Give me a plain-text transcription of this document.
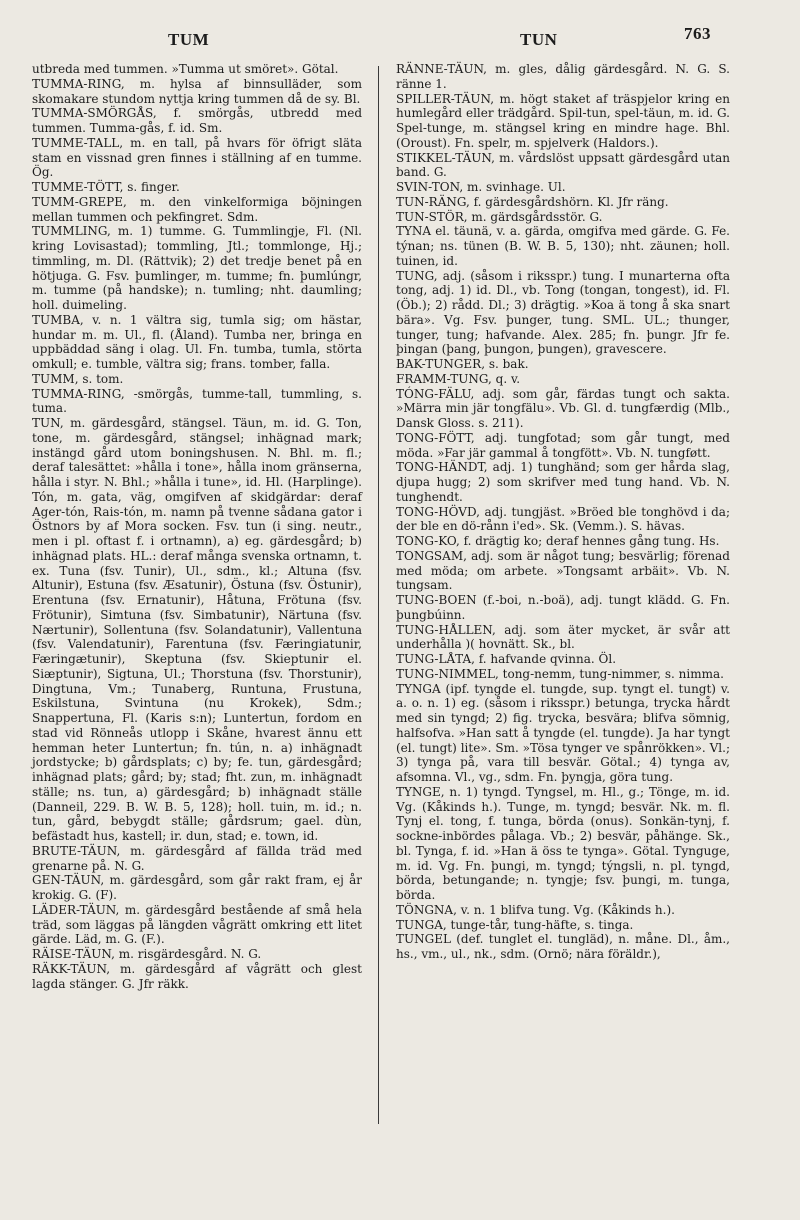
TUM	TUN	763

utbreda med tummen. »Tumma ut smöret». Götal.

TUMMA-RING, m. hylsa af binnsulläder, som skomakare stundom nyttja kring tummen då de sy. Bl.

TUMMA-SMÖRGÅS, f. smörgås, utbredd med tummen. Tumma-gås, f. id. Sm.

TUMME-TALL, m. en tall, på hvars för öfrigt släta stam en vissnad gren finnes i ställning af en tumme. Ög.

TUMME-TÖTT, s. finger.

TUMM-GREPE, m. den vinkelformiga böjningen mellan tummen och pekfingret. Sdm.

TUMMLING, m. 1) tumme. G. Tummlingje, Fl. (Nl. kring Lovisastad); tommling, Jtl.; tommlonge, Hj.; timmling, m. Dl. (Rättvik); 2) det tredje benet på en hötjuga. G. Fsv. þumlinger, m. tumme; fn. þumlúngr, m. tumme (på handske); n. tumling; nht. daumling; holl. duimeling.

TUMBA, v. n. 1 vältra sig, tumla sig; om hästar, hundar m. m. Ul., fl. (Åland). Tumba ner, bringa en uppbäddad säng i olag. Ul. Fn. tumba, tumla, störta omkull; e. tumble, vältra sig; frans. tomber, falla.

TUMM, s. tom.

TUMMA-RING, -smörgås, tumme-tall, tummling, s. tuma.

TUN, m. gärdesgård, stängsel. Täun, m. id. G. Ton, tone, m. gärdesgård, stängsel; inhägnad mark; instängd gård utom boningshusen. N. Bhl. m. fl.; deraf talesättet: »hålla i tone», hålla inom gränserna, hålla i styr. N. Bhl.; »hålla i tune», id. Hl. (Harplinge). Tón, m. gata, väg, omgifven af skidgärdar: deraf Ager-tón, Rais-tón, m. namn på tvenne sådana gator i Östnors by af Mora socken. Fsv. tun (i sing. neutr., men i pl. oftast f. i ortnamn), a) eg. gärdesgård; b) inhägnad plats. HL.: deraf många svenska ortnamn, t. ex. Tuna (fsv. Tunir), Ul., sdm., kl.; Altuna (fsv. Altunir), Estuna (fsv. Æsatunir), Östuna (fsv. Östunir), Erentuna (fsv. Ernatunir), Håtuna, Frötuna (fsv. Frötunir), Simtuna (fsv. Simbatunir), Närtuna (fsv. Nærtunir), Sollentuna (fsv. Solandatunir), Vallentuna (fsv. Valendatunir), Farentuna (fsv. Færingiatunir, Færingætunir), Skeptuna (fsv. Skieptunir el. Siæptunir), Sigtuna, Ul.; Thorstuna (fsv. Thorstunir), Dingtuna, Vm.; Tunaberg, Runtuna, Frustuna, Eskilstuna, Svintuna (nu Krokek), Sdm.; Snappertuna, Fl. (Karis s:n); Luntertun, fordom en stad vid Rönneås utlopp i Skåne, hvarest ännu ett hemman heter Luntertun; fn. tún, n. a) inhägnadt jordstycke; b) gårdsplats; c) by; fe. tun, gärdesgård; inhägnad plats; gård; by; stad; fht. zun, m. inhägnadt ställe; ns. tun, a) gärdesgård; b) inhägnadt ställe (Danneil, 229. B. W. B. 5, 128); holl. tuin, m. id.; n. tun, gård, bebygdt ställe; gårdsrum; gael. dùn, befästadt hus, kastell; ir. dun, stad; e. town, id.

BRUTE-TÄUN, m. gärdesgård af fällda träd med grenarne på. N. G.

GEN-TÄUN, m. gärdesgård, som går rakt fram, ej år krokig. G. (F).

LÄDER-TÄUN, m. gärdesgård bestående af små hela träd, som läggas på längden vågrätt omkring ett litet gärde. Läd, m. G. (F.).

RÄISE-TÄUN, m. risgärdesgård. N. G.

RÄKK-TÄUN, m. gärdesgård af vågrätt och glest lagda stänger. G. Jfr räkk.

RÄNNE-TÄUN, m. gles, dålig gärdesgård. N. G. S. ränne 1.

SPILLER-TÄUN, m. högt staket af träspjelor kring en humlegård eller trädgård. Spil-tun, spel-täun, m. id. G. Spel-tunge, m. stängsel kring en mindre hage. Bhl. (Oroust). Fn. spelr, m. spjelverk (Haldors.).

STIKKEL-TÄUN, m. vårdslöst uppsatt gärdesgård utan band. G.

SVIN-TON, m. svinhage. Ul.

TUN-RÄNG, f. gärdesgårdshörn. Kl. Jfr räng.

TUN-STÖR, m. gärdsgårdsstör. G.

TYNA el. täunä, v. a. gärda, omgifva med gärde. G. Fe. týnan; ns. tünen (B. W. B. 5, 130); nht. zäunen; holl. tuinen, id.

TUNG, adj. (såsom i riksspr.) tung. I munarterna ofta tong, adj. 1) id. Dl., vb. Tong (tongan, tongest), id. Fl. (Öb.); 2) rådd. Dl.; 3) drägtig. »Koa ä tong å ska snart bära». Vg. Fsv. þunger, tung. SML. UL.; thunger, tunger, tung; hafvande. Alex. 285; fn. þungr. Jfr fe. þingan (þang, þungon, þungen), gravescere.

BAK-TUNGER, s. bak.

FRAMM-TUNG, q. v.

TÓNG-FÄLU, adj. som går, färdas tungt och sakta. »Märra min jär tongfälu». Vb. Gl. d. tungfærdig (Mlb., Dansk Gloss. s. 211).

TONG-FÖTT, adj. tungfotad; som går tungt, med möda. »Far jär gammal å tongfött». Vb. N. tungføtt.

TONG-HÄNDT, adj. 1) tunghänd; som ger hårda slag, djupa hugg; 2) som skrifver med tung hand. Vb. N. tunghendt.

TONG-HÖVD, adj. tungjäst. »Bröed ble tonghövd i da; der ble en dö-rånn i'ed». Sk. (Vemm.). S. hävas.

TONG-KO, f. drägtig ko; deraf hennes gång tung. Hs.

TONGSAM, adj. som är något tung; besvärlig; förenad med möda; om arbete. »Tongsamt arbäit». Vb. N. tungsam.

TUNG-BOEN (f.-boi, n.-boä), adj. tungt klädd. G. Fn. þungbúinn.

TUNG-HÅLLEN, adj. som äter mycket, är svår att underhålla )( hovnätt. Sk., bl.

TUNG-LÅTA, f. hafvande qvinna. Öl.

TUNG-NIMMEL, tong-nemm, tung-nimmer, s. nimma.

TYNGA (ipf. tyngde el. tungde, sup. tyngt el. tungt) v. a. o. n. 1) eg. (såsom i riksspr.) betunga, trycka hårdt med sin tyngd; 2) fig. trycka, besvära; blifva sömnig, halfsofva. »Han satt å tyngde (el. tungde). Ja har tyngt (el. tungt) lite». Sm. »Tösa tynger ve spånrökken». Vl.; 3) tynga på, vara till besvär. Götal.; 4) tynga av, afsomna. Vl., vg., sdm. Fn. þyngja, göra tung.

TYNGE, n. 1) tyngd. Tyngsel, m. Hl., g.; Tönge, m. id. Vg. (Kåkinds h.). Tunge, m. tyngd; besvär. Nk. m. fl. Tynj el. tong, f. tunga, börda (onus). Sonkän-tynj, f. sockne-inbördes pålaga. Vb.; 2) besvär, påhänge. Sk., bl. Tynga, f. id. »Han ä öss te tynga». Götal. Tynguge, m. id. Vg. Fn. þungi, m. tyngd; týngsli, n. pl. tyngd, börda, betungande; n. tyngje; fsv. þungi, m. tunga, börda.

TÖNGNA, v. n. 1 blifva tung. Vg. (Kåkinds h.).

TUNGA, tunge-tår, tung-häfte, s. tinga.

TUNGEL (def. tunglet el. tungläd), n. måne. Dl., åm., hs., vm., ul., nk., sdm. (Ornö; nära föräldr.),
